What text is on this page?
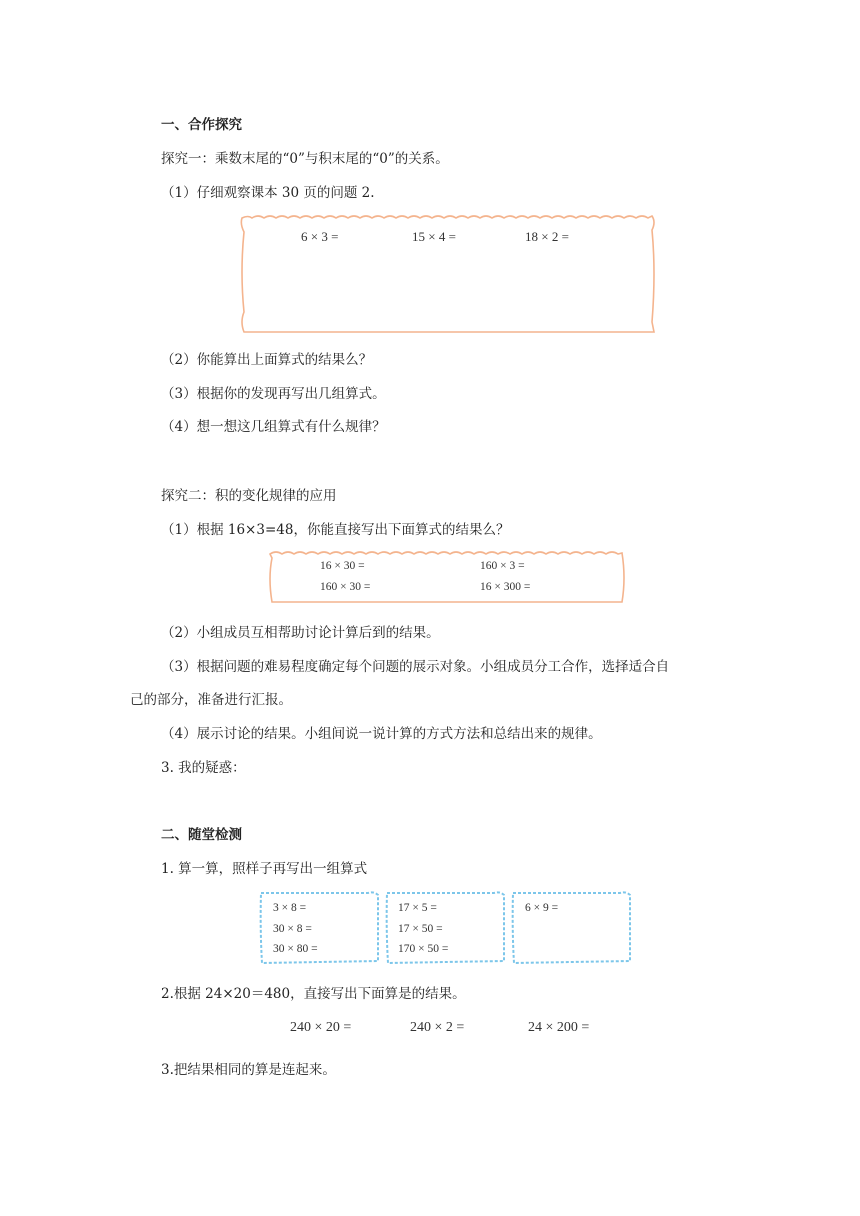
一、合作探究
探究一：乘数末尾的“0”与积末尾的“0”的关系。
（1）仔细观察课本 30 页的问题 2.
6 × 3 =	15 × 4 =	18 × 2 =
（2）你能算出上面算式的结果么？
（3）根据你的发现再写出几组算式。
（4）想一想这几组算式有什么规律？
探究二：积的变化规律的应用
（1）根据 16×3=48，你能直接写出下面算式的结果么？
16 × 30 =	160 × 3 =
160 × 30 =	16 × 300 =
（2）小组成员互相帮助讨论计算后到的结果。
（3）根据问题的难易程度确定每个问题的展示对象。小组成员分工合作，选择适合自
己的部分，准备进行汇报。
（4）展示讨论的结果。小组间说一说计算的方式方法和总结出来的规律。
3. 我的疑惑：
二、随堂检测
1. 算一算，照样子再写出一组算式
3 × 8 =
30 × 8 =
30 × 80 =
17 × 5 =
17 × 50 =
170 × 50 =
6 × 9 =
2.根据 24×20＝480，直接写出下面算是的结果。
240 × 20 =	240 × 2 =	24 × 200 =
3.把结果相同的算是连起来。
